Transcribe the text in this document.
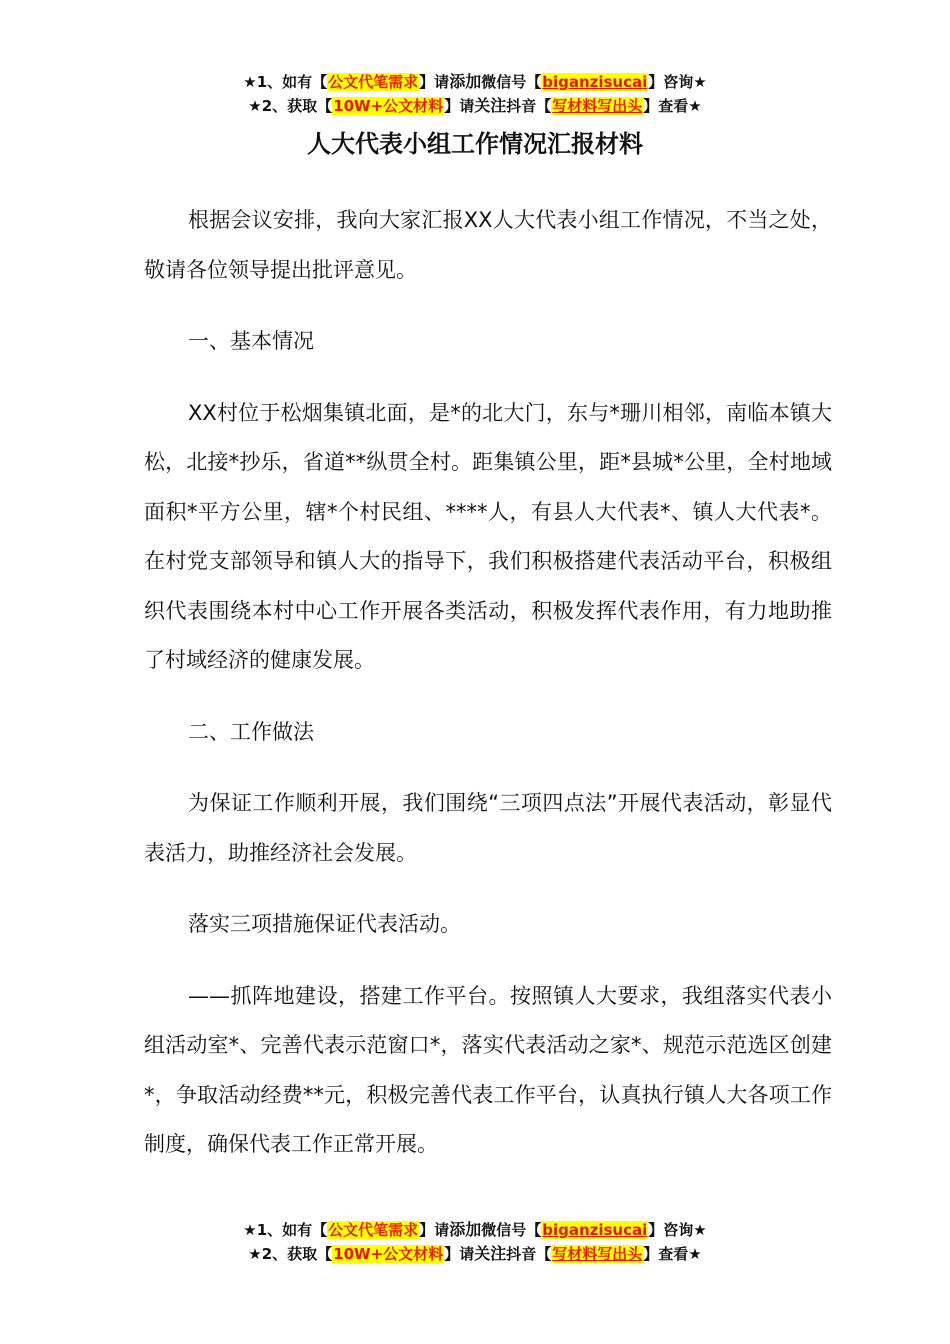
★1、如有【公文代笔需求】请添加微信号【biganzisucai】咨询★
★2、获取【10W+公文材料】请关注抖音【写材料写出头】查看★
人大代表小组工作情况汇报材料

根据会议安排，我向大家汇报XX人大代表小组工作情况，不当之处，敬请各位领导提出批评意见。

一、基本情况

XX村位于松烟集镇北面，是*的北大门，东与*珊川相邻，南临本镇大松，北接*抄乐，省道**纵贯全村。距集镇公里，距*县城*公里，全村地域面积*平方公里，辖*个村民组、****人，有县人大代表*、镇人大代表*。在村党支部领导和镇人大的指导下，我们积极搭建代表活动平台，积极组织代表围绕本村中心工作开展各类活动，积极发挥代表作用，有力地助推了村域经济的健康发展。

二、工作做法

为保证工作顺利开展，我们围绕“三项四点法”开展代表活动，彰显代表活力，助推经济社会发展。

落实三项措施保证代表活动。

——抓阵地建设，搭建工作平台。按照镇人大要求，我组落实代表小组活动室*、完善代表示范窗口*，落实代表活动之家*、规范示范选区创建*，争取活动经费**元，积极完善代表工作平台，认真执行镇人大各项工作制度，确保代表工作正常开展。

★1、如有【公文代笔需求】请添加微信号【biganzisucai】咨询★
★2、获取【10W+公文材料】请关注抖音【写材料写出头】查看★
